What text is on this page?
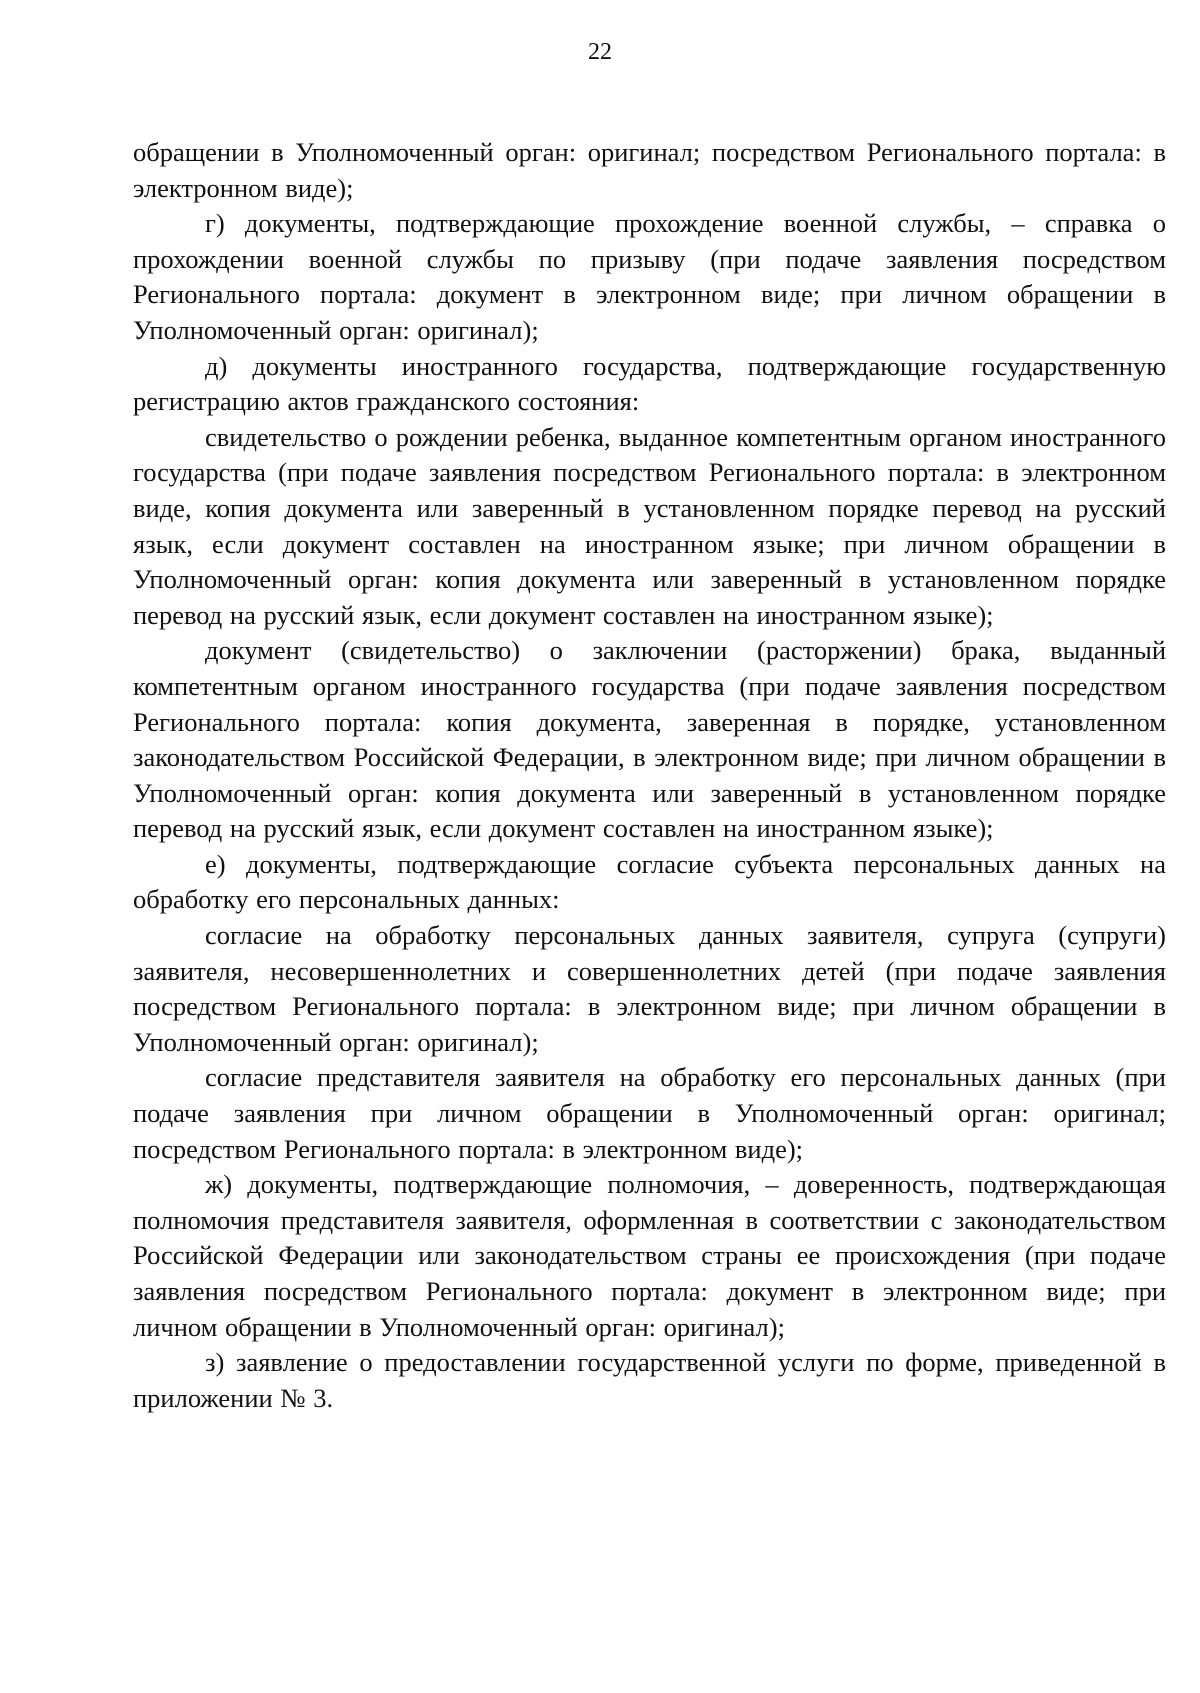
22

обращении в Уполномоченный орган: оригинал; посредством Регионального портала: в электронном виде);

г) документы, подтверждающие прохождение военной службы, – справка о прохождении военной службы по призыву (при подаче заявления посредством Регионального портала: документ в электронном виде; при личном обращении в Уполномоченный орган: оригинал);

д) документы иностранного государства, подтверждающие государственную регистрацию актов гражданского состояния:

свидетельство о рождении ребенка, выданное компетентным органом иностранного государства (при подаче заявления посредством Регионального портала: в электронном виде, копия документа или заверенный в установленном порядке перевод на русский язык, если документ составлен на иностранном языке; при личном обращении в Уполномоченный орган: копия документа или заверенный в установленном порядке перевод на русский язык, если документ составлен на иностранном языке);

документ (свидетельство) о заключении (расторжении) брака, выданный компетентным органом иностранного государства (при подаче заявления посредством Регионального портала: копия документа, заверенная в порядке, установленном законодательством Российской Федерации, в электронном виде; при личном обращении в Уполномоченный орган: копия документа или заверенный в установленном порядке перевод на русский язык, если документ составлен на иностранном языке);

е) документы, подтверждающие согласие субъекта персональных данных на обработку его персональных данных:

согласие на обработку персональных данных заявителя, супруга (супруги) заявителя, несовершеннолетних и совершеннолетних детей (при подаче заявления посредством Регионального портала: в электронном виде; при личном обращении в Уполномоченный орган: оригинал);

согласие представителя заявителя на обработку его персональных данных (при подаче заявления при личном обращении в Уполномоченный орган: оригинал; посредством Регионального портала: в электронном виде);

ж) документы, подтверждающие полномочия, – доверенность, подтверждающая полномочия представителя заявителя, оформленная в соответствии с законодательством Российской Федерации или законодательством страны ее происхождения (при подаче заявления посредством Регионального портала: документ в электронном виде; при личном обращении в Уполномоченный орган: оригинал);

з) заявление о предоставлении государственной услуги по форме, приведенной в приложении № 3.
